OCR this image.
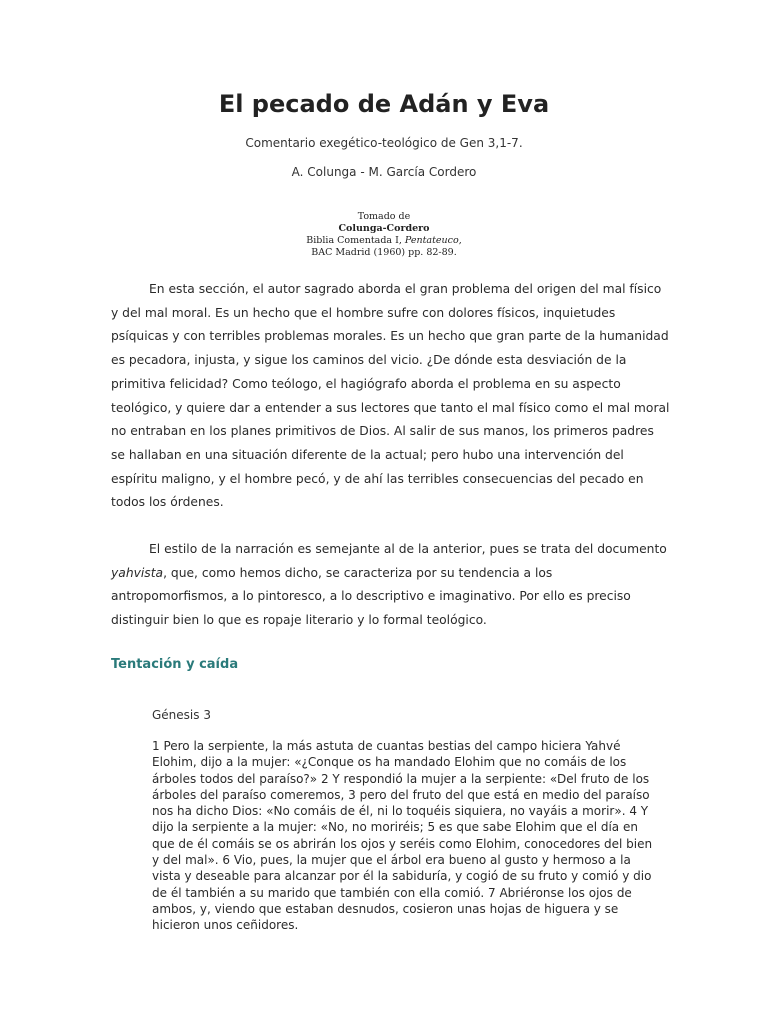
El pecado de Adán y Eva

Comentario exegético-teológico de Gen 3,1-7.

A. Colunga - M. García Cordero

Tomado de
Colunga-Cordero
Biblia Comentada I, Pentateuco,
BAC Madrid (1960) pp. 82-89.

En esta sección, el autor sagrado aborda el gran problema del origen del mal físico y del mal moral. Es un hecho que el hombre sufre con dolores físicos, inquietudes psíquicas y con terribles problemas morales. Es un hecho que gran parte de la humanidad es pecadora, injusta, y sigue los caminos del vicio. ¿De dónde esta desviación de la primitiva felicidad? Como teólogo, el hagiógrafo aborda el problema en su aspecto teológico, y quiere dar a entender a sus lectores que tanto el mal físico como el mal moral no entraban en los planes primitivos de Dios. Al salir de sus manos, los primeros padres se hallaban en una situación diferente de la actual; pero hubo una intervención del espíritu maligno, y el hombre pecó, y de ahí las terribles consecuencias del pecado en todos los órdenes.

El estilo de la narración es semejante al de la anterior, pues se trata del documento yahvista, que, como hemos dicho, se caracteriza por su tendencia a los antropomorfismos, a lo pintoresco, a lo descriptivo e imaginativo. Por ello es preciso distinguir bien lo que es ropaje literario y lo formal teológico.

Tentación y caída

Génesis 3

1 Pero la serpiente, la más astuta de cuantas bestias del campo hiciera Yahvé Elohim, dijo a la mujer: «¿Conque os ha mandado Elohim que no comáis de los árboles todos del paraíso?» 2 Y respondió la mujer a la serpiente: «Del fruto de los árboles del paraíso comeremos, 3 pero del fruto del que está en medio del paraíso nos ha dicho Dios: «No comáis de él, ni lo toquéis siquiera, no vayáis a morir». 4 Y dijo la serpiente a la mujer: «No, no moriréis; 5 es que sabe Elohim que el día en que de él comáis se os abrirán los ojos y seréis como Elohim, conocedores del bien y del mal». 6 Vio, pues, la mujer que el árbol era bueno al gusto y hermoso a la vista y deseable para alcanzar por él la sabiduría, y cogió de su fruto y comió y dio de él también a su marido que también con ella comió. 7 Abriéronse los ojos de ambos, y, viendo que estaban desnudos, cosieron unas hojas de higuera y se hicieron unos ceñidores.
